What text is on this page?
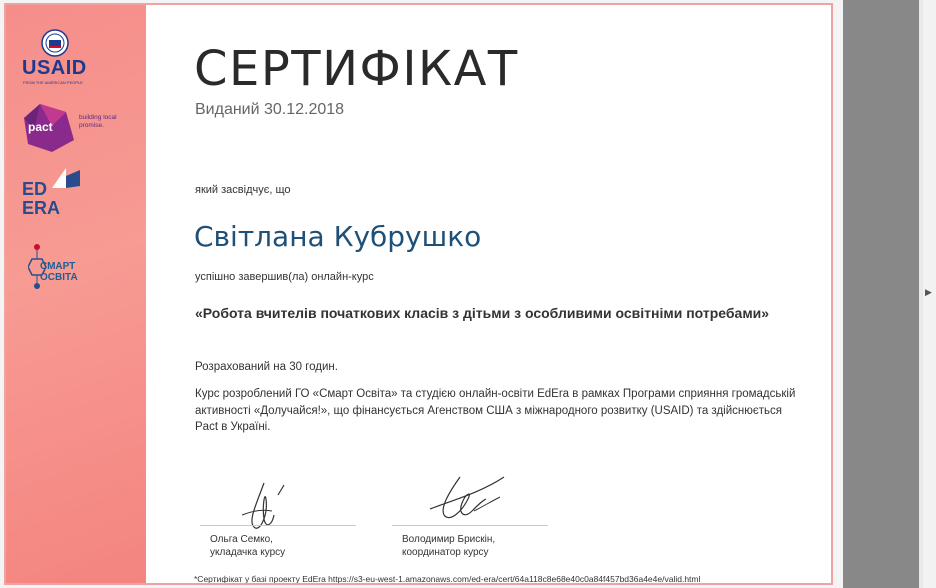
USAID
FROM THE AMERICAN PEOPLE
pact
building local promise.
ED
ERA
СМАРТ
ОСВІТА
СЕРТИФІКАТ
Виданий 30.12.2018
який засвідчує, що
Світлана Кубрушко
успішно завершив(ла) онлайн-курс
«Робота вчителів початкових класів з дітьми з особливими освітніми потребами»
Розрахований на 30 годин.
Курс розроблений ГО «Смарт Освіта» та студією онлайн-освіти EdEra в рамках Програми сприяння громадській активності «Долучайся!», що фінансується Агенством США з міжнародного розвитку (USAID) та здійснюється Pact в Україні.
Ольга Семко,
укладачка курсу
Володимир Брискін,
координатор курсу
*Сертифікат у базі проекту EdEra https://s3-eu-west-1.amazonaws.com/ed-era/cert/64a118c8e68e40c0a84f457bd36a4e4e/valid.html
▶
